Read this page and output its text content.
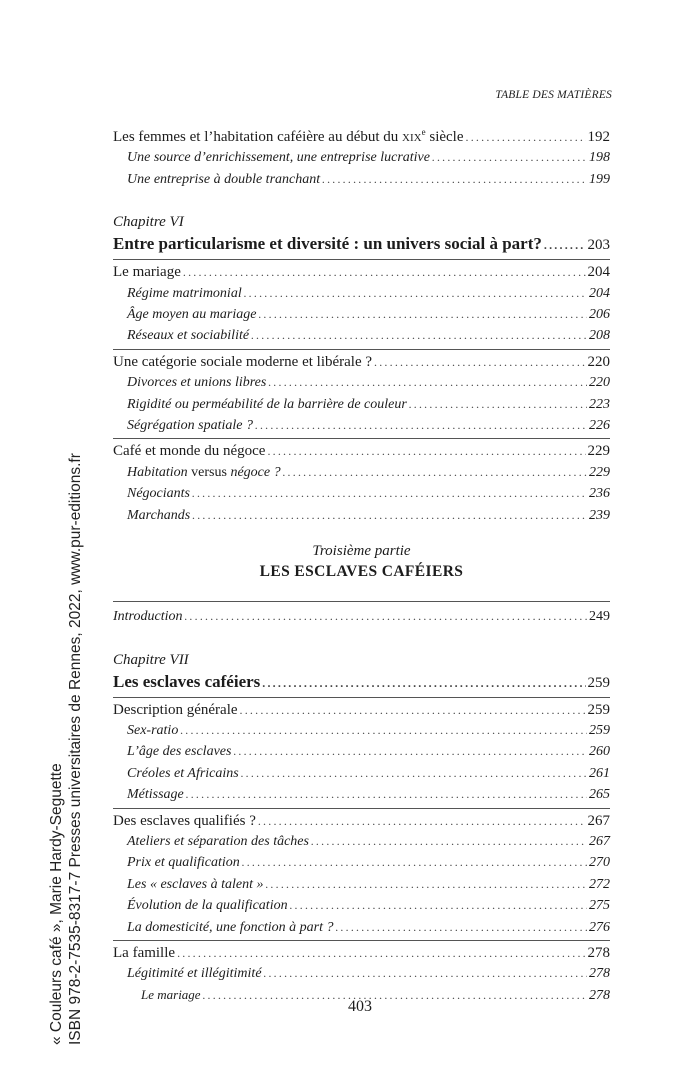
TABLE DES MATIÈRES
« Couleurs café », Marie Hardy-Seguette ISBN 978-2-7535-8317-7 Presses universitaires de Rennes, 2022, www.pur-editions.fr
Les femmes et l’habitation caféière au début du xix$^e$ siècle . . .	192
Une source d’enrichissement, une entreprise lucrative . . .	198
Une entreprise à double tranchant . . .	199
Chapitre VI
Entre particularisme et diversité : un univers social à part? . . .	203
Le mariage . . .	204
Régime matrimonial . . .	204
Âge moyen au mariage . . .	206
Réseaux et sociabilité . . .	208
Une catégorie sociale moderne et libérale ? . . .	220
Divorces et unions libres . . .	220
Rigidité ou perméabilité de la barrière de couleur . . .	223
Ségrégation spatiale ? . . .	226
Café et monde du négoce . . .	229
Habitation versus négoce ? . . .	229
Négociants . . .	236
Marchands . . .	239
Troisième partie
LES ESCLAVES CAFÉIERS
Introduction . . .	249
Chapitre VII
Les esclaves caféiers . . .	259
Description générale . . .	259
Sex-ratio . . .	259
L’âge des esclaves . . .	260
Créoles et Africains . . .	261
Métissage . . .	265
Des esclaves qualifiés ? . . .	267
Ateliers et séparation des tâches . . .	267
Prix et qualification . . .	270
Les « esclaves à talent » . . .	272
Évolution de la qualification . . .	275
La domesticité, une fonction à part ? . . .	276
La famille . . .	278
Légitimité et illégitimité . . .	278
Le mariage . . .	278
403
